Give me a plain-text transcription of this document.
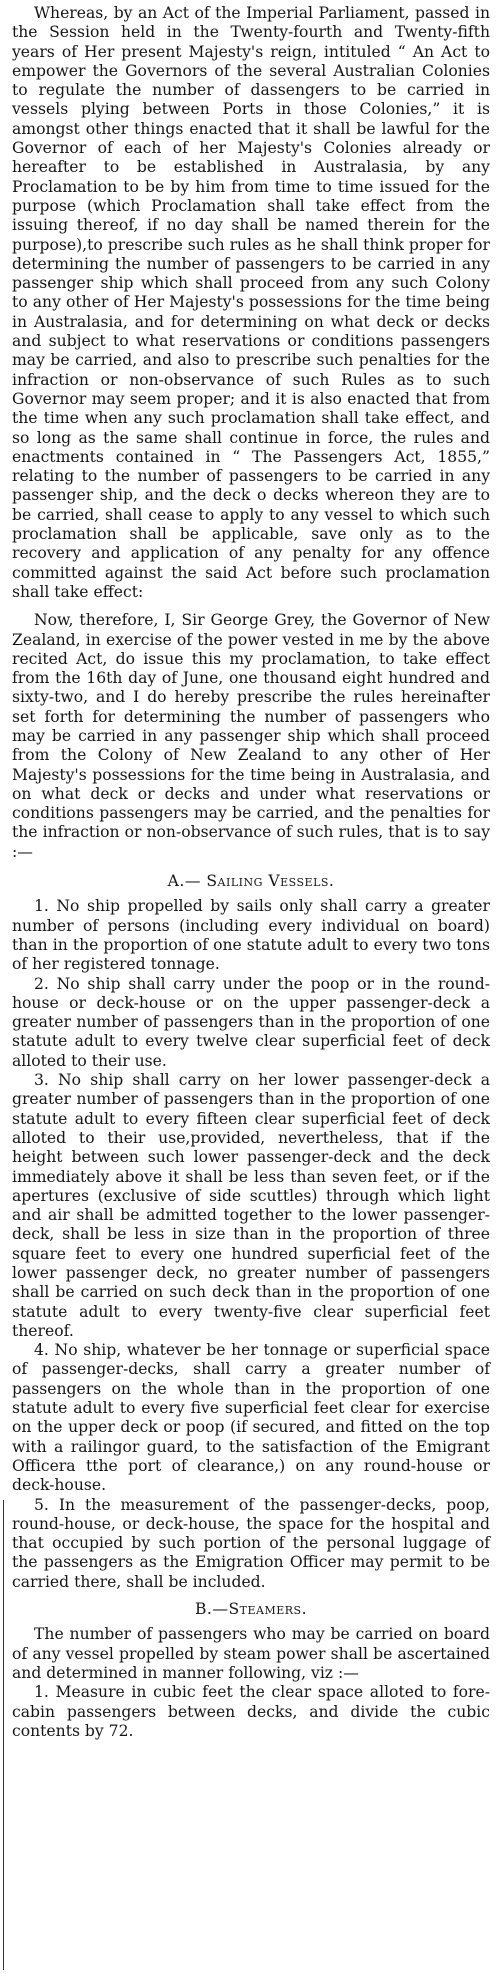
Whereas, by an Act of the Imperial Parliament, passed in the Session held in the Twenty-fourth and Twenty-fifth years of Her present Majesty's reign, intituled “ An Act to empower the Governors of the several Australian Colonies to regulate the number of dassengers to be carried in vessels plying between Ports in those Colonies,” it is amongst other things enacted that it shall be lawful for the Governor of each of her Majesty's Colonies already or hereafter to be established in Australasia, by any Proclamation to be by him from time to time issued for the purpose (which Proclamation shall take effect from the issuing thereof, if no day shall be named therein for the purpose),to prescribe such rules as he shall think proper for determining the number of passengers to be carried in any passenger ship which shall proceed from any such Colony to any other of Her Majesty's possessions for the time being in Australasia, and for determining on what deck or decks and subject to what reservations or conditions passengers may be carried, and also to prescribe such penalties for the infraction or non-observance of such Rules as to such Governor may seem proper; and it is also enacted that from the time when any such proclamation shall take effect, and so long as the same shall continue in force, the rules and enactments contained in “ The Passengers Act, 1855,” relating to the number of passengers to be carried in any passenger ship, and the deck o decks whereon they are to be carried, shall cease to apply to any vessel to which such proclamation shall be applicable, save only as to the recovery and application of any penalty for any offence committed against the said Act before such proclamation shall take effect:

Now, therefore, I, Sir George Grey, the Governor of New Zealand, in exercise of the power vested in me by the above recited Act, do issue this my proclamation, to take effect from the 16th day of June, one thousand eight hundred and sixty-two, and I do hereby prescribe the rules hereinafter set forth for determining the number of passengers who may be carried in any passenger ship which shall proceed from the Colony of New Zealand to any other of Her Majesty's possessions for the time being in Australasia, and on what deck or decks and under what reservations or conditions passengers may be carried, and the penalties for the infraction or non-observance of such rules, that is to say :—

A.— Sailing Vessels.

1. No ship propelled by sails only shall carry a greater number of persons (including every individual on board) than in the proportion of one statute adult to every two tons of her registered tonnage.

2. No ship shall carry under the poop or in the round-house or deck-house or on the upper passenger-deck a greater number of passengers than in the proportion of one statute adult to every twelve clear superficial feet of deck alloted to their use.

3. No ship shall carry on her lower passenger-deck a greater number of passengers than in the proportion of one statute adult to every fifteen clear superficial feet of deck alloted to their use,provided, nevertheless, that if the height between such lower passenger-deck and the deck immediately above it shall be less than seven feet, or if the apertures (exclusive of side scuttles) through which light and air shall be admitted together to the lower passenger-deck, shall be less in size than in the proportion of three square feet to every one hundred superficial feet of the lower passenger deck, no greater number of passengers shall be carried on such deck than in the proportion of one statute adult to every twenty-five clear superficial feet thereof.

4. No ship, whatever be her tonnage or superficial space of passenger-decks, shall carry a greater number of passengers on the whole than in the proportion of one statute adult to every five superficial feet clear for exercise on the upper deck or poop (if secured, and fitted on the top with a railingor guard, to the satisfaction of the Emigrant Officera tthe port of clearance,) on any round-house or deck-house.

5. In the measurement of the passenger-decks, poop, round-house, or deck-house, the space for the hospital and that occupied by such portion of the personal luggage of the passengers as the Emigration Officer may permit to be carried there, shall be included.

B.—Steamers.

The number of passengers who may be carried on board of any vessel propelled by steam power shall be ascertained and determined in manner following, viz :—

1. Measure in cubic feet the clear space alloted to fore-cabin passengers between decks, and divide the cubic contents by 72.
